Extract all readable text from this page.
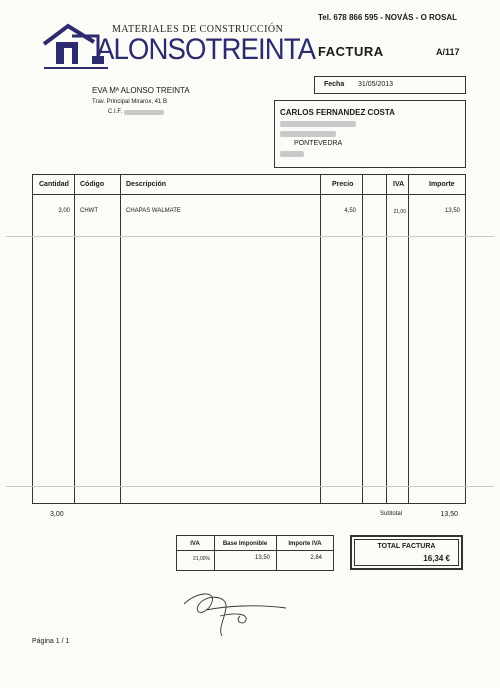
MATERIALES DE CONSTRUCCIÓN
ALONSOTREINTA
Tel. 678 866 595 - NOVÁS - O ROSAL
FACTURA	A/117
EVA Mª ALONSO TREINTA
Trav. Principal Mirarox, 41 B
C.I.F.
Fecha 31/05/2013
CARLOS FERNANDEZ COSTA
PONTEVEDRA
Cantidad Código	Descripción	Precio	IVA	Importe
3,00 CHWT	CHAPAS WALMATE	4,50	21,00	13,50
3,00	Subtotal	13,50
IVA	Base Imponible	Importe IVA
21,00%	13,50	2,84
TOTAL FACTURA
16,34 €
Página 1 / 1
